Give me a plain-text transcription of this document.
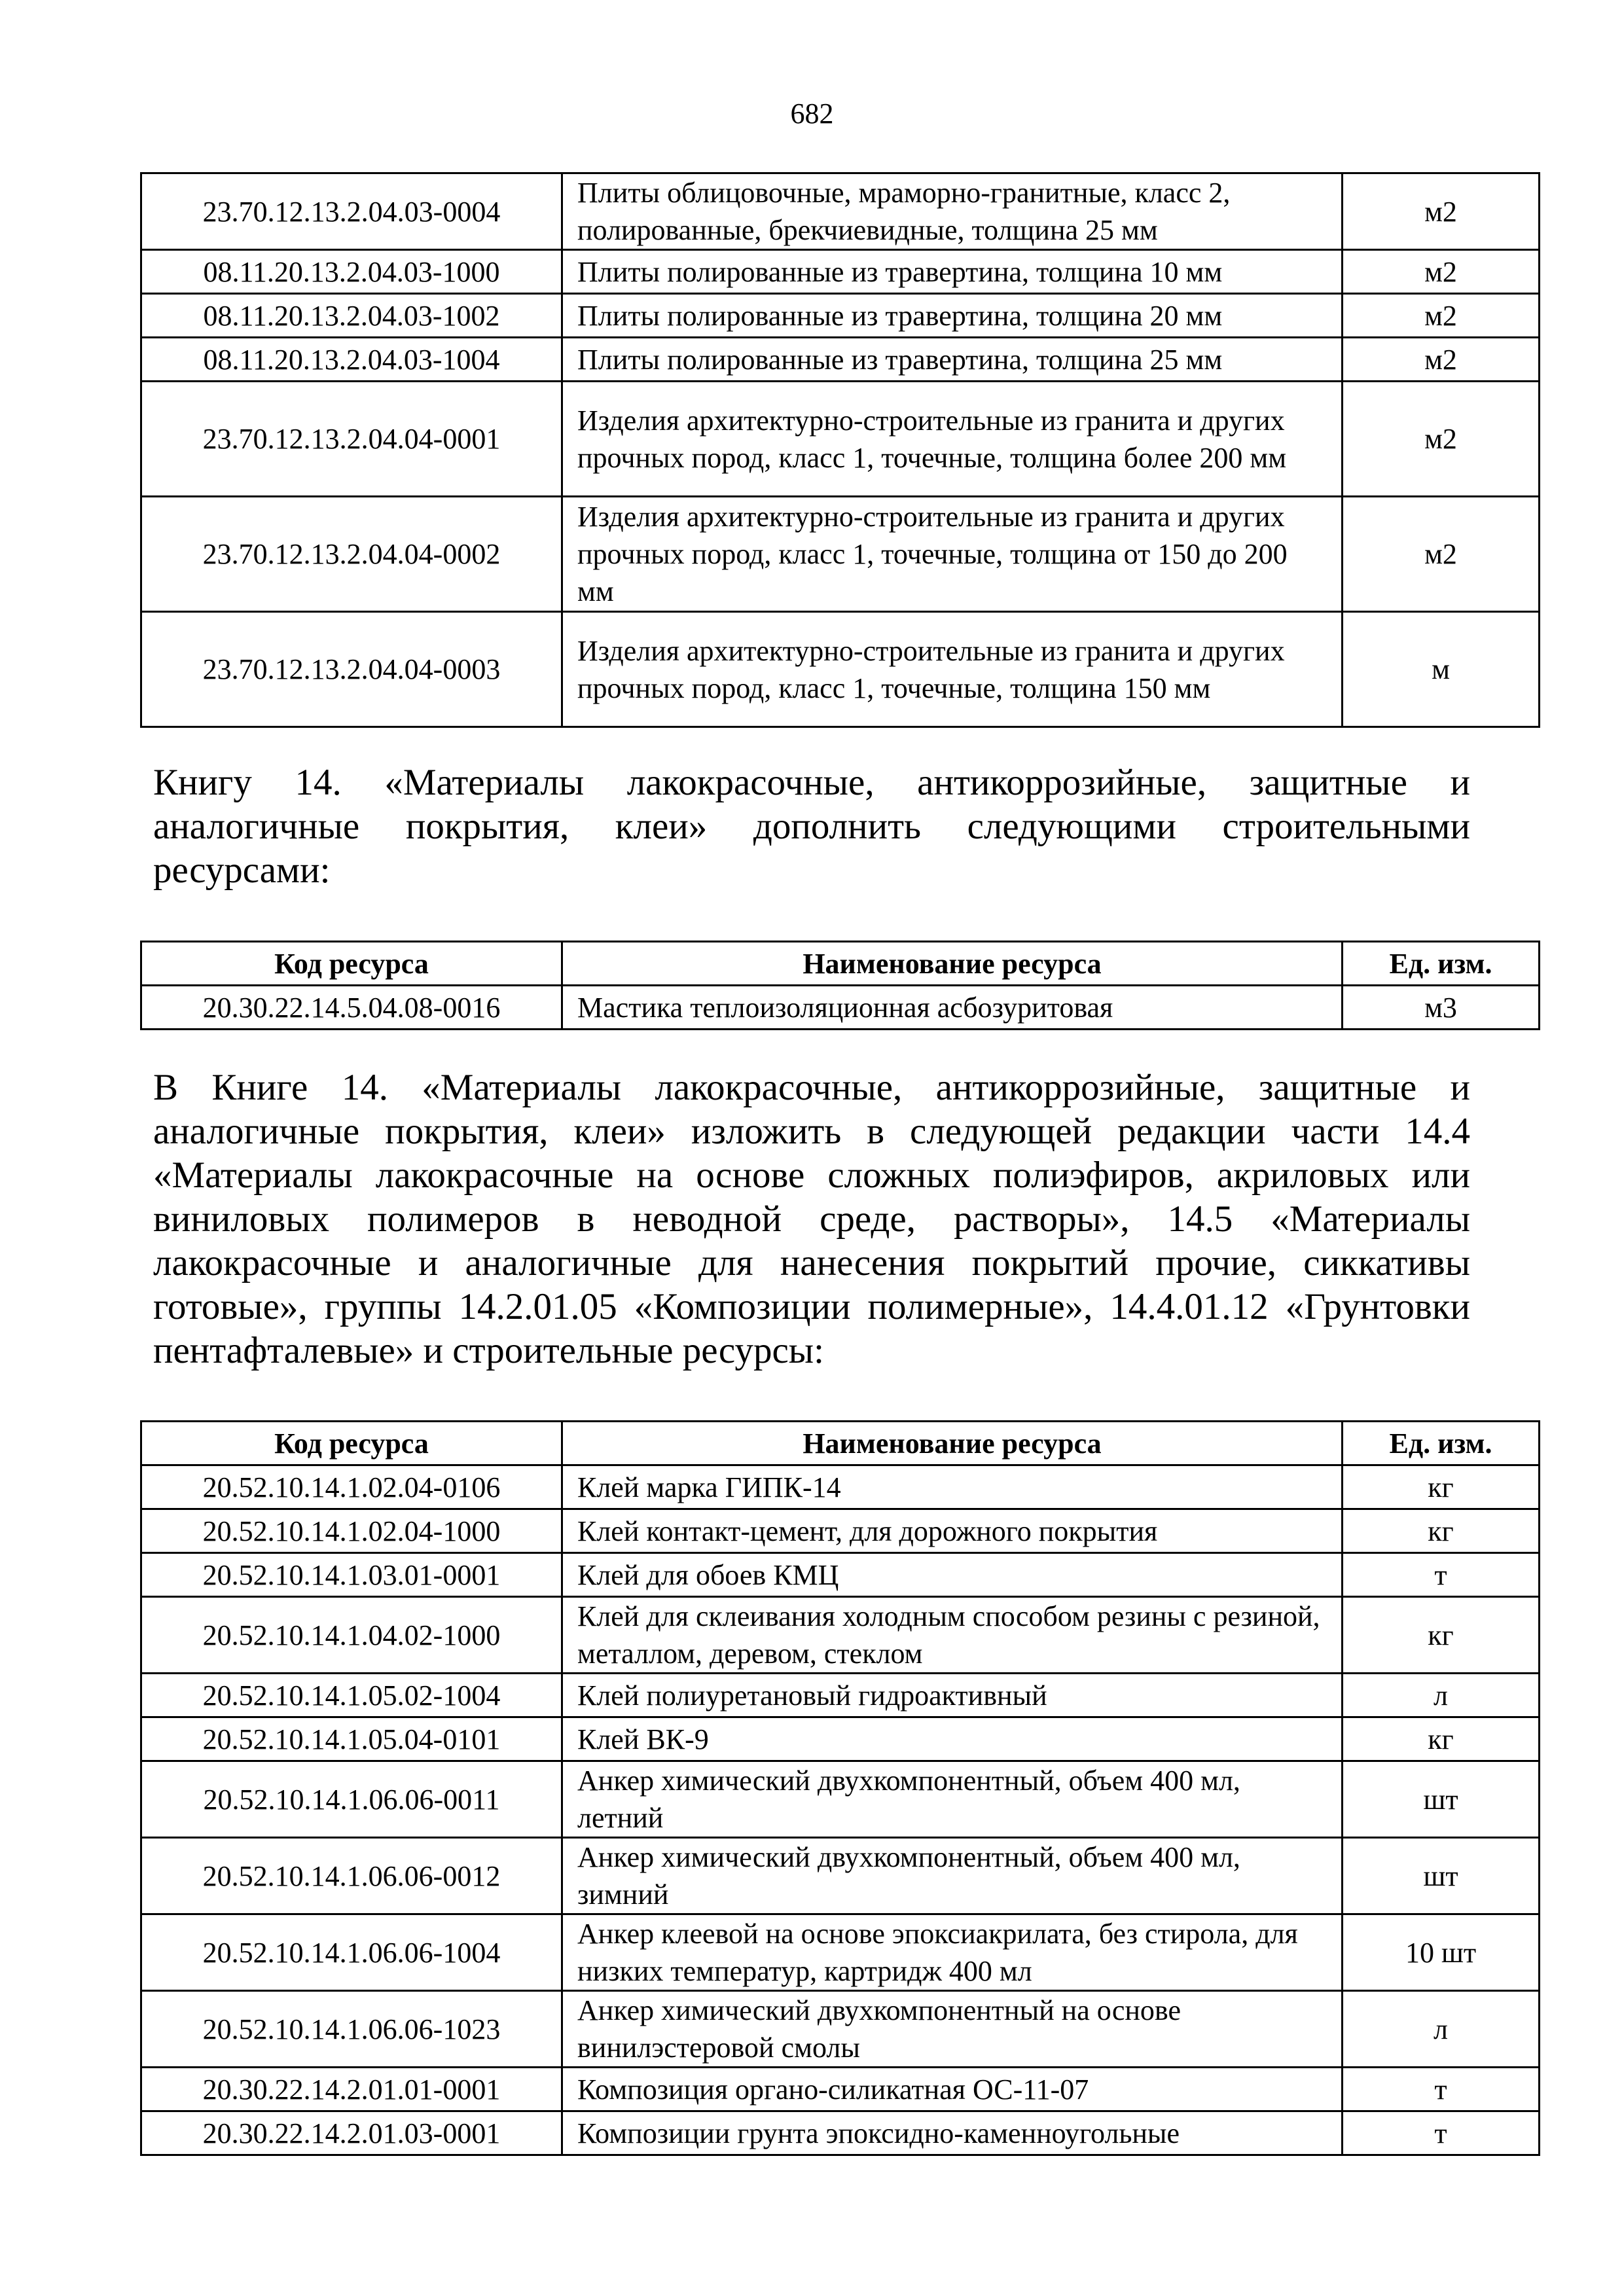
682
23.70.12.13.2.04.03-0004	Плиты облицовочные, мраморно-гранитные, класс 2, полированные, брекчиевидные, толщина 25 мм	м2
08.11.20.13.2.04.03-1000	Плиты полированные из травертина, толщина 10 мм	м2
08.11.20.13.2.04.03-1002	Плиты полированные из травертина, толщина 20 мм	м2
08.11.20.13.2.04.03-1004	Плиты полированные из травертина, толщина 25 мм	м2
23.70.12.13.2.04.04-0001	Изделия архитектурно-строительные из гранита и других прочных пород, класс 1, точечные, толщина более 200 мм	м2
23.70.12.13.2.04.04-0002	Изделия архитектурно-строительные из гранита и других прочных пород, класс 1, точечные, толщина от 150 до 200 мм	м2
23.70.12.13.2.04.04-0003	Изделия архитектурно-строительные из гранита и других прочных пород, класс 1, точечные, толщина 150 мм	м

Книгу 14. «Материалы лакокрасочные, антикоррозийные, защитные и аналогичные покрытия, клеи» дополнить следующими строительными ресурсами:

Код ресурса	Наименование ресурса	Ед. изм.
20.30.22.14.5.04.08-0016	Мастика теплоизоляционная асбозуритовая	м3

В Книге 14. «Материалы лакокрасочные, антикоррозийные, защитные и аналогичные покрытия, клеи» изложить в следующей редакции части 14.4 «Материалы лакокрасочные на основе сложных полиэфиров, акриловых или виниловых полимеров в неводной среде, растворы», 14.5 «Материалы лакокрасочные и аналогичные для нанесения покрытий прочие, сиккативы готовые», группы 14.2.01.05 «Композиции полимерные», 14.4.01.12 «Грунтовки пентафталевые» и строительные ресурсы:

Код ресурса	Наименование ресурса	Ед. изм.
20.52.10.14.1.02.04-0106	Клей марка ГИПК-14	кг
20.52.10.14.1.02.04-1000	Клей контакт-цемент, для дорожного покрытия	кг
20.52.10.14.1.03.01-0001	Клей для обоев КМЦ	т
20.52.10.14.1.04.02-1000	Клей для склеивания холодным способом резины с резиной, металлом, деревом, стеклом	кг
20.52.10.14.1.05.02-1004	Клей полиуретановый гидроактивный	л
20.52.10.14.1.05.04-0101	Клей ВК-9	кг
20.52.10.14.1.06.06-0011	Анкер химический двухкомпонентный, объем 400 мл, летний	шт
20.52.10.14.1.06.06-0012	Анкер химический двухкомпонентный, объем 400 мл, зимний	шт
20.52.10.14.1.06.06-1004	Анкер клеевой на основе эпоксиакрилата, без стирола, для низких температур, картридж 400 мл	10 шт
20.52.10.14.1.06.06-1023	Анкер химический двухкомпонентный на основе винилэстеровой смолы	л
20.30.22.14.2.01.01-0001	Композиция органо-силикатная ОС-11-07	т
20.30.22.14.2.01.03-0001	Композиции грунта эпоксидно-каменноугольные	т
